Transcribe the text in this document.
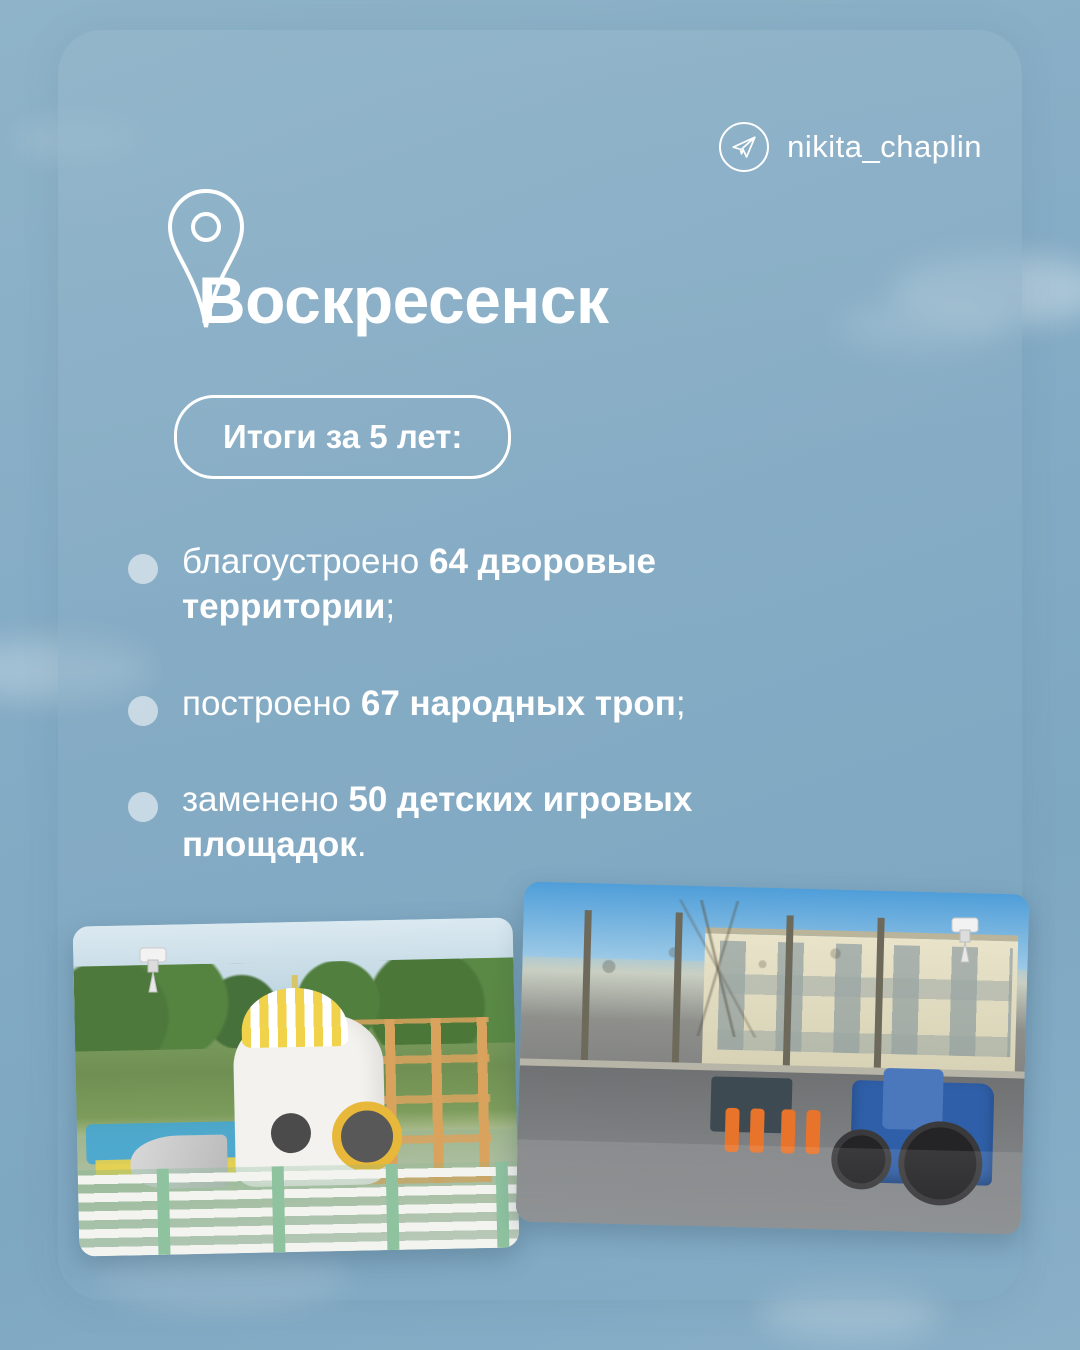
nikita_chaplin
Воскресенск
Итоги за 5 лет:
благоустроено 64 дворовые территории;
построено 67 народных троп;
заменено 50 детских игровых площадок.
